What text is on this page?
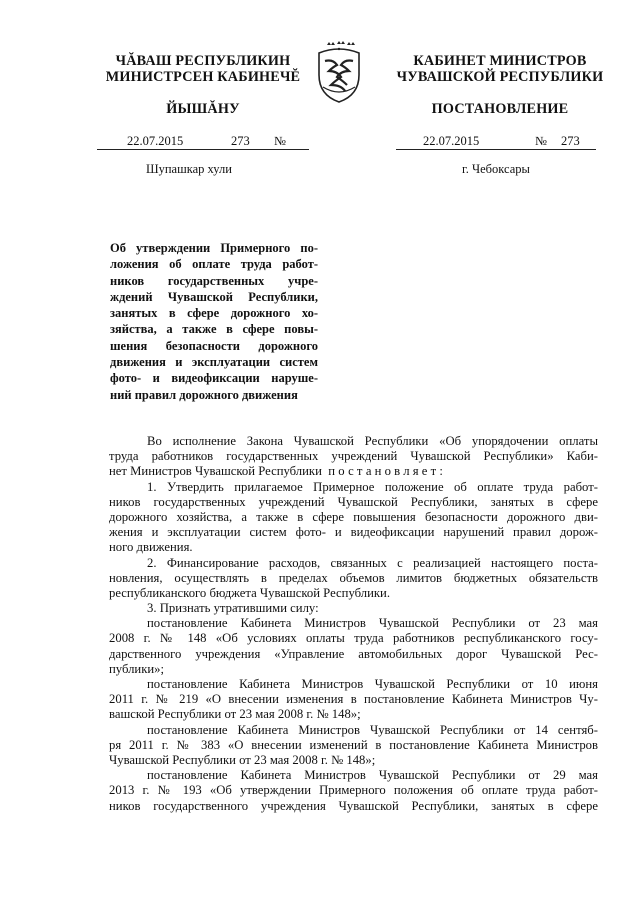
ЧĂВАШ РЕСПУБЛИКИН
МИНИСТРСЕН КАБИНЕЧĔ
ЙЫШĂНУ
КАБИНЕТ МИНИСТРОВ
ЧУВАШСКОЙ РЕСПУБЛИКИ
ПОСТАНОВЛЕНИЕ
22.07.2015	273 №	22.07.2015	№ 273
Шупашкар хули	г. Чебоксары
Об утверждении Примерного по-
ложения об оплате труда работ-
ников государственных учре-
ждений Чувашской Республики,
занятых в сфере дорожного хо-
зяйства, а также в сфере повы-
шения безопасности дорожного
движения и эксплуатации систем
фото- и видеофиксации наруше-
ний правил дорожного движения
Во исполнение Закона Чувашской Республики «Об упорядочении оплаты
труда работников государственных учреждений Чувашской Республики» Каби-
нет Министров Чувашской Республики постановляет:
1. Утвердить прилагаемое Примерное положение об оплате труда работ-
ников государственных учреждений Чувашской Республики, занятых в сфере
дорожного хозяйства, а также в сфере повышения безопасности дорожного дви-
жения и эксплуатации систем фото- и видеофиксации нарушений правил дорож-
ного движения.
2. Финансирование расходов, связанных с реализацией настоящего поста-
новления, осуществлять в пределах объемов лимитов бюджетных обязательств
республиканского бюджета Чувашской Республики.
3. Признать утратившими силу:
постановление Кабинета Министров Чувашской Республики от 23 мая
2008 г. № 148 «Об условиях оплаты труда работников республиканского госу-
дарственного учреждения «Управление автомобильных дорог Чувашской Рес-
публики»;
постановление Кабинета Министров Чувашской Республики от 10 июня
2011 г. № 219 «О внесении изменения в постановление Кабинета Министров Чу-
вашской Республики от 23 мая 2008 г. № 148»;
постановление Кабинета Министров Чувашской Республики от 14 сентяб-
ря 2011 г. № 383 «О внесении изменений в постановление Кабинета Министров
Чувашской Республики от 23 мая 2008 г. № 148»;
постановление Кабинета Министров Чувашской Республики от 29 мая
2013 г. № 193 «Об утверждении Примерного положения об оплате труда работ-
ников государственного учреждения Чувашской Республики, занятых в сфере
